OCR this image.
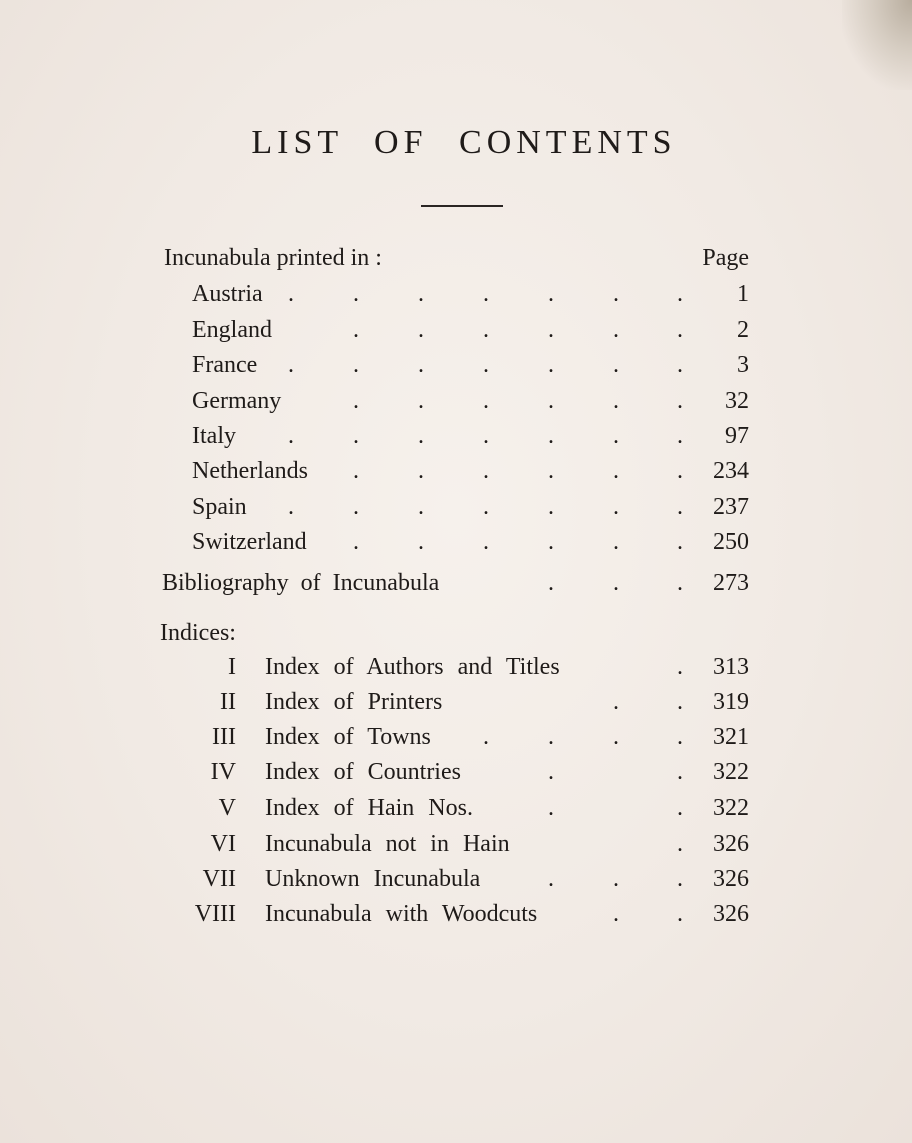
LIST OF CONTENTS
Incunabula printed in :	Page
Austria . . . . . . .	1
England	. . . . . .	2
France . . . . . . .	3
Germany	. . . . . .	32
Italy . . . . . . .	97
Netherlands . . . . . .	234
Spain . . . . . . .	237
Switzerland . . . . . .	250
Bibliography of Incunabula	. . .	273
Indices:
I Index of Authors and Titles	.	313
II Index of Printers	. .	319
III Index of Towns . . . .	321
IV Index of Countries	.	.	322
V Index of Hain Nos.	.	.	322
VI Incunabula not in Hain	.	326
VII Unknown Incunabula	. . .	326
VIII Incunabula with Woodcuts	. .	326
